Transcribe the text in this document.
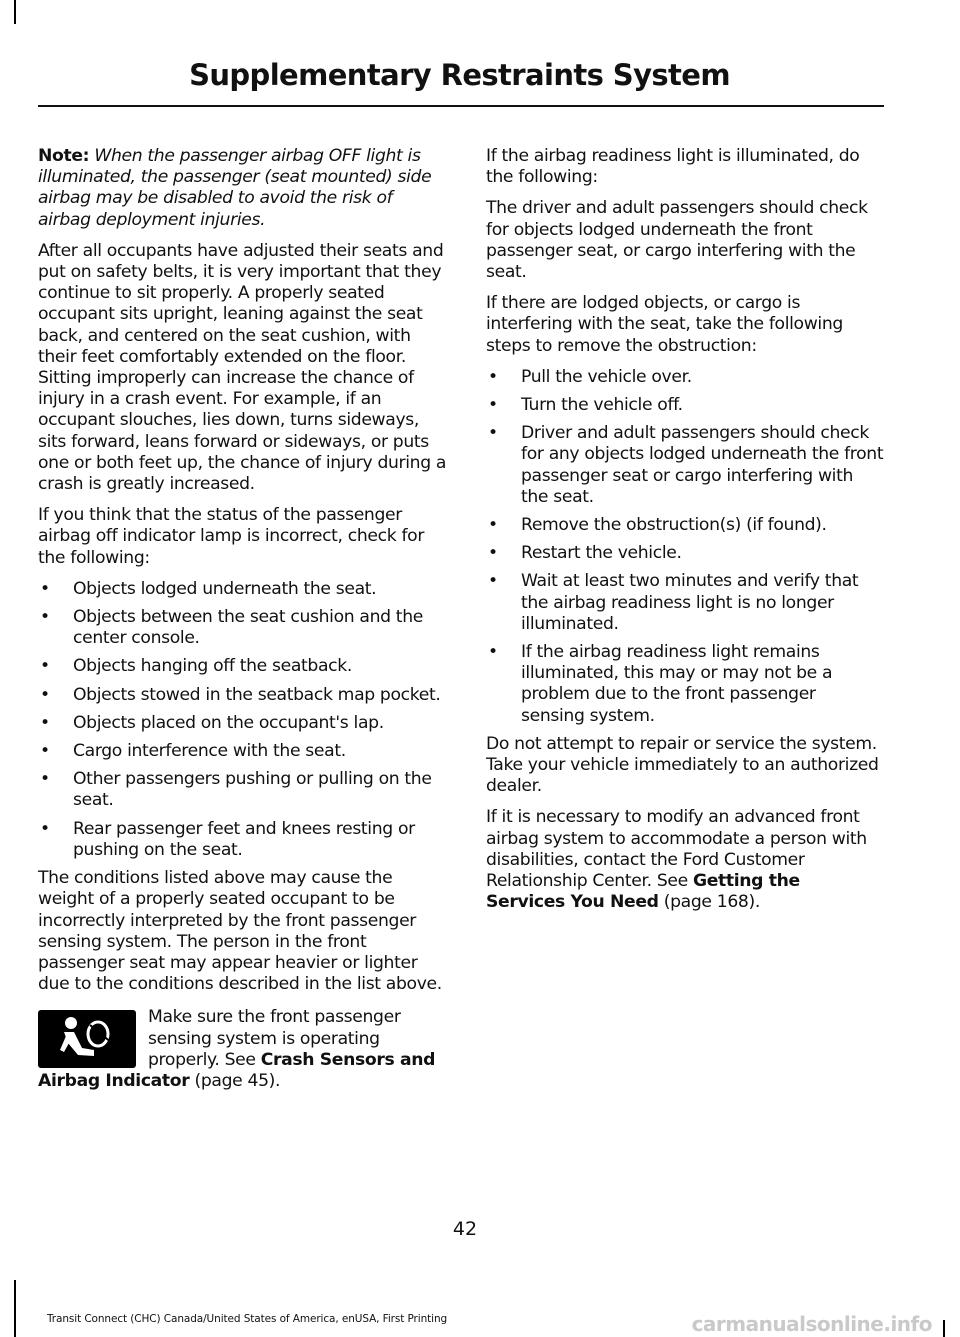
Supplementary Restraints System

Note: When the passenger airbag OFF light is illuminated, the passenger (seat mounted) side airbag may be disabled to avoid the risk of airbag deployment injuries.

After all occupants have adjusted their seats and put on safety belts, it is very important that they continue to sit properly. A properly seated occupant sits upright, leaning against the seat back, and centered on the seat cushion, with their feet comfortably extended on the floor. Sitting improperly can increase the chance of injury in a crash event. For example, if an occupant slouches, lies down, turns sideways, sits forward, leans forward or sideways, or puts one or both feet up, the chance of injury during a crash is greatly increased.

If you think that the status of the passenger airbag off indicator lamp is incorrect, check for the following:

• Objects lodged underneath the seat.
• Objects between the seat cushion and the center console.
• Objects hanging off the seatback.
• Objects stowed in the seatback map pocket.
• Objects placed on the occupant's lap.
• Cargo interference with the seat.
• Other passengers pushing or pulling on the seat.
• Rear passenger feet and knees resting or pushing on the seat.

The conditions listed above may cause the weight of a properly seated occupant to be incorrectly interpreted by the front passenger sensing system. The person in the front passenger seat may appear heavier or lighter due to the conditions described in the list above.

Make sure the front passenger sensing system is operating properly. See Crash Sensors and Airbag Indicator (page 45).

If the airbag readiness light is illuminated, do the following:

The driver and adult passengers should check for objects lodged underneath the front passenger seat, or cargo interfering with the seat.

If there are lodged objects, or cargo is interfering with the seat, take the following steps to remove the obstruction:

• Pull the vehicle over.
• Turn the vehicle off.
• Driver and adult passengers should check for any objects lodged underneath the front passenger seat or cargo interfering with the seat.
• Remove the obstruction(s) (if found).
• Restart the vehicle.
• Wait at least two minutes and verify that the airbag readiness light is no longer illuminated.
• If the airbag readiness light remains illuminated, this may or may not be a problem due to the front passenger sensing system.

Do not attempt to repair or service the system. Take your vehicle immediately to an authorized dealer.

If it is necessary to modify an advanced front airbag system to accommodate a person with disabilities, contact the Ford Customer Relationship Center. See Getting the Services You Need (page 168).

42
Transit Connect (CHC) Canada/United States of America, enUSA, First Printing	carmanualsonline.info
